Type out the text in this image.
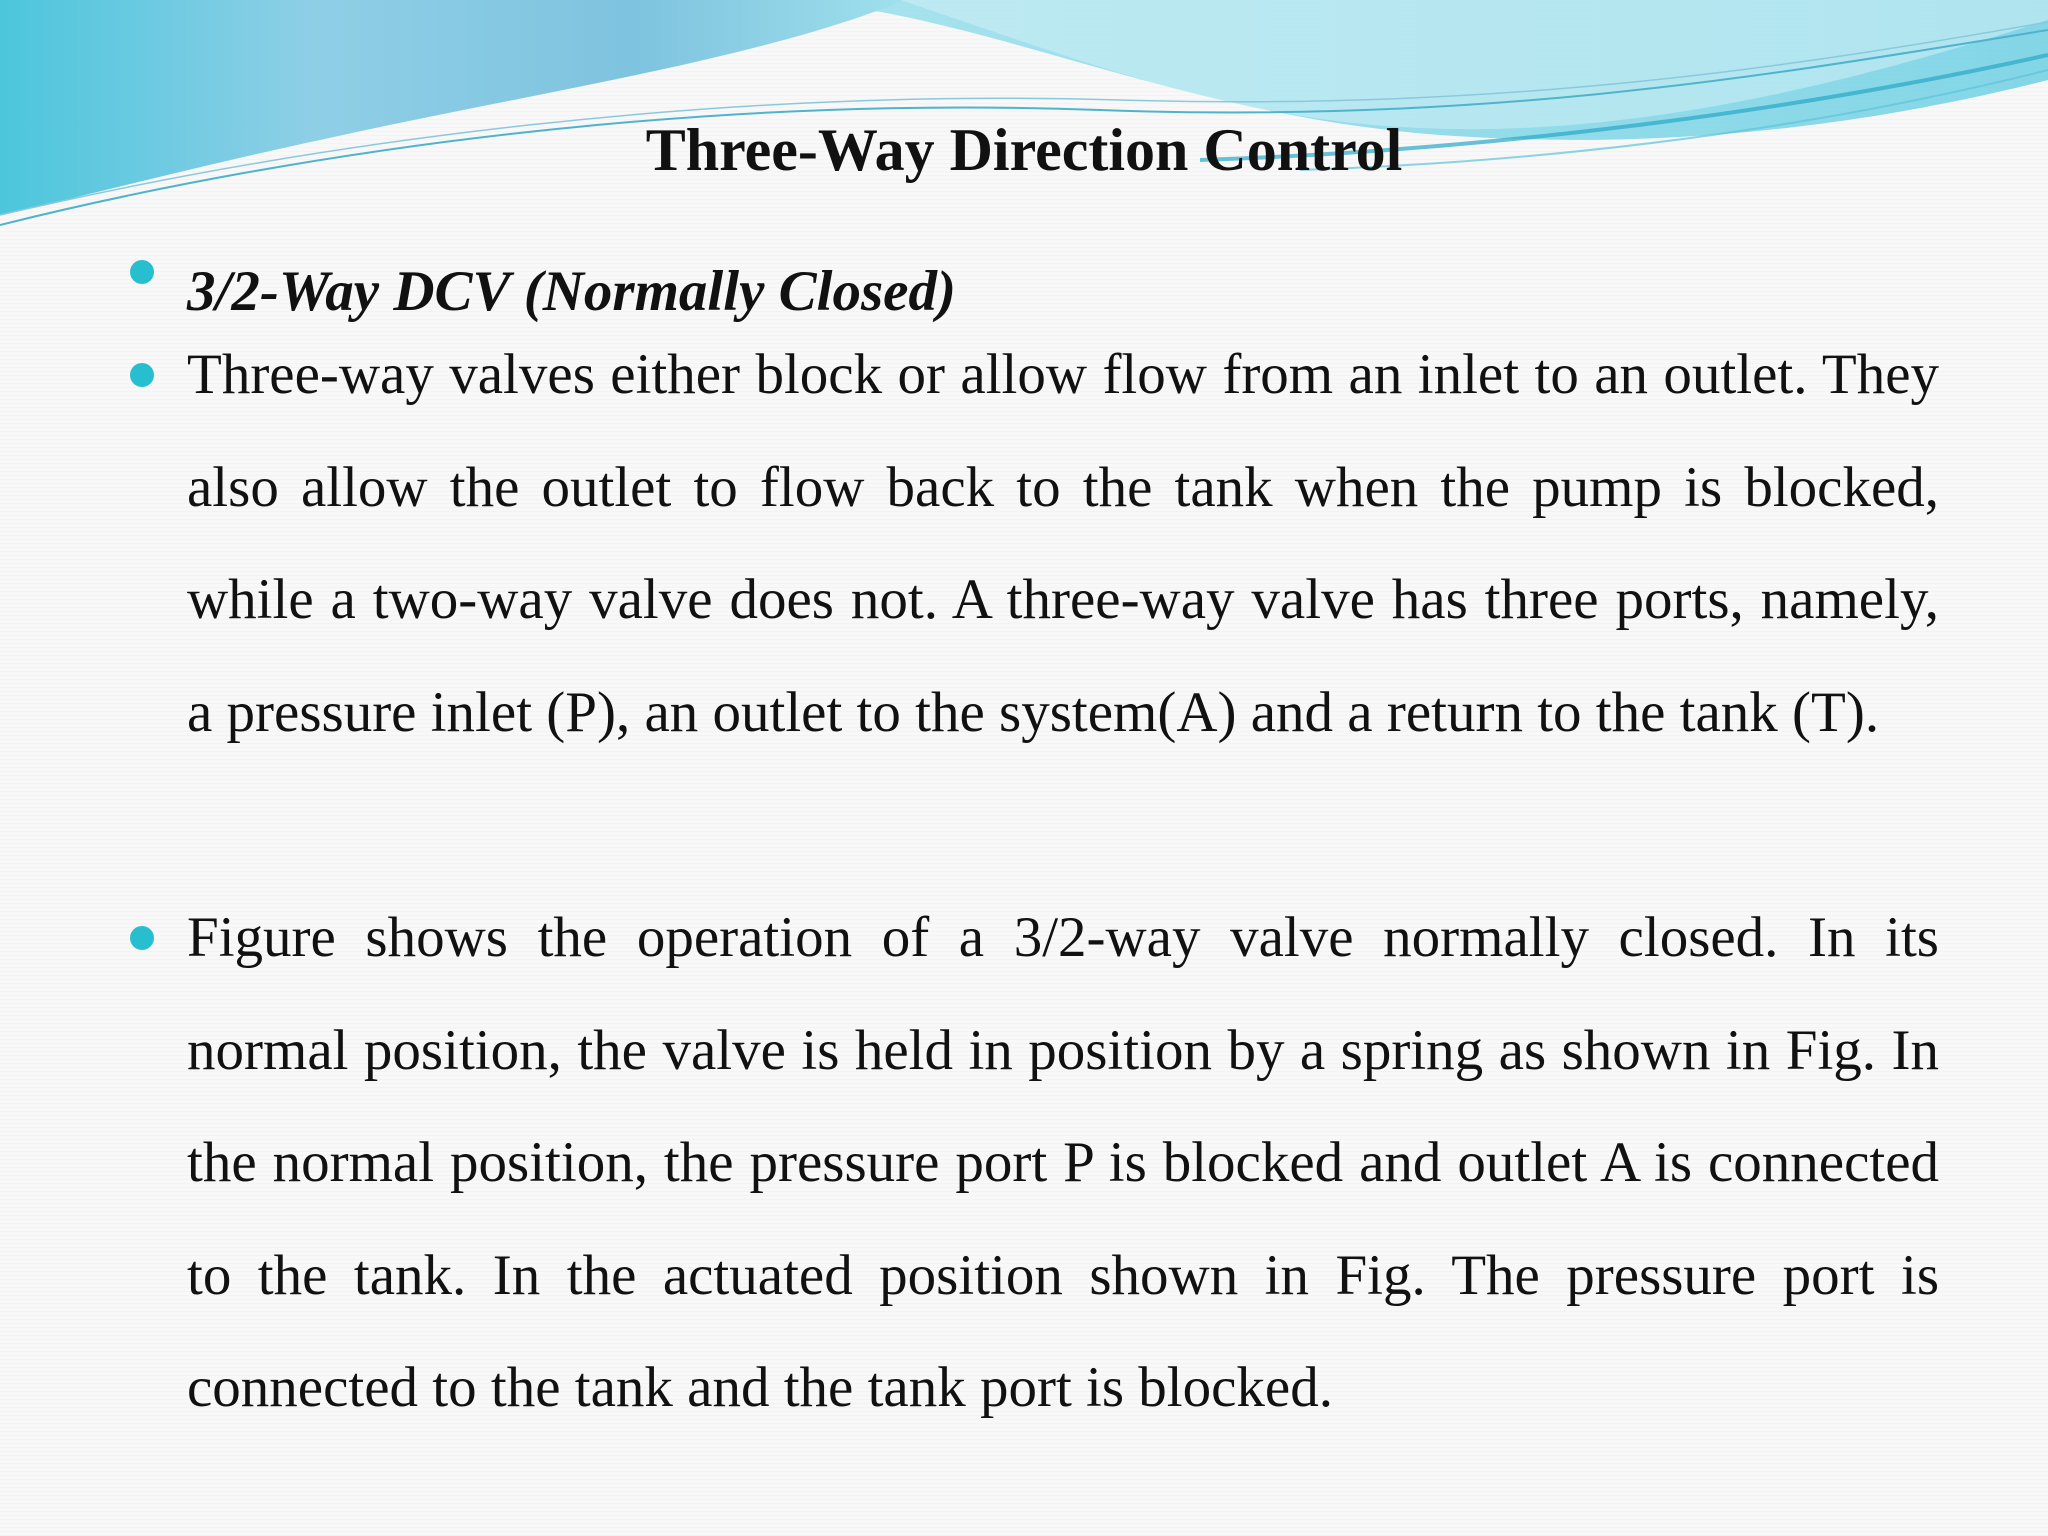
Three-Way Direction Control
3/2-Way DCV (Normally Closed)
Three-way valves either block or allow flow from an inlet to an outlet. They also allow the outlet to flow back to the tank when the pump is blocked, while a two-way valve does not. A three-way valve has three ports, namely, a pressure inlet (P), an outlet to the system(A) and a return to the tank (T).
Figure shows the operation of a 3/2-way valve normally closed. In its normal position, the valve is held in position by a spring as shown in Fig. In the normal position, the pressure port P is blocked and outlet A is connected to the tank. In the actuated position shown in Fig. The pressure port is connected to the tank and the tank port is blocked.
